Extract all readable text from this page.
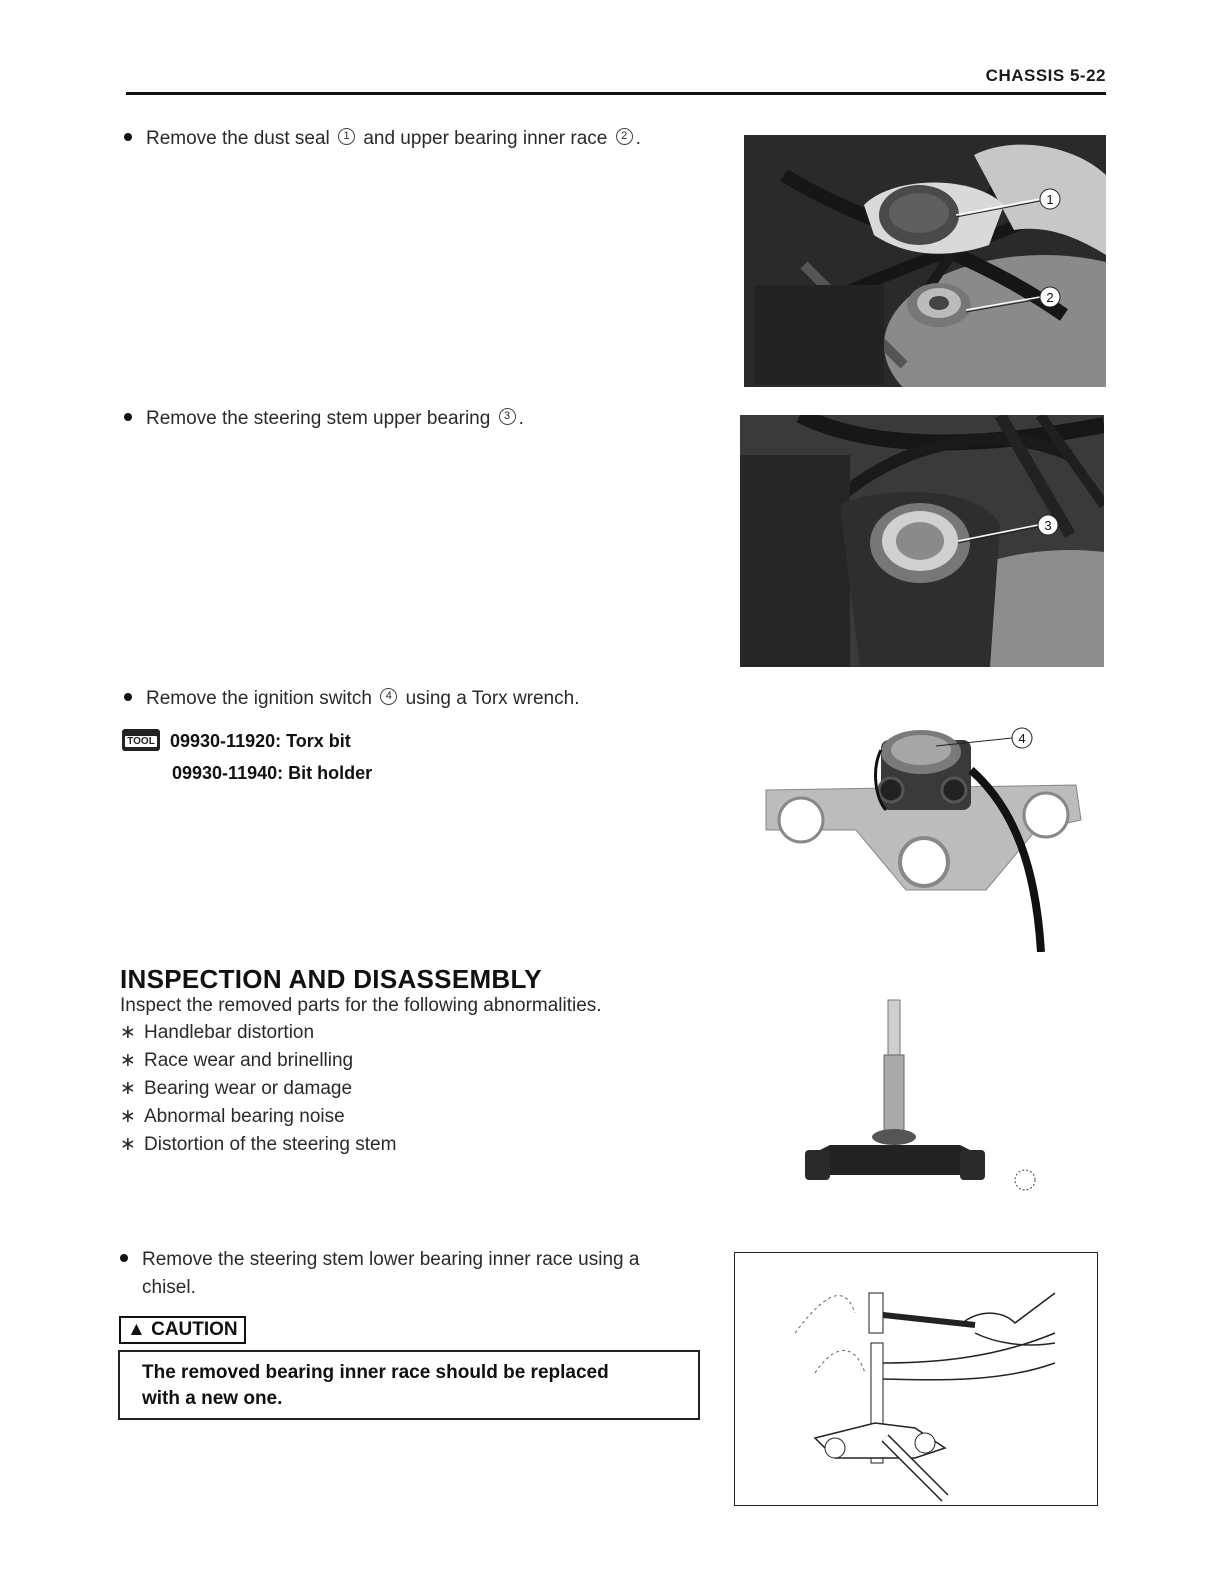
CHASSIS 5-22
Remove the dust seal 1 and upper bearing inner race 2 .
1
2
Remove the steering stem upper bearing 3 .
3
Remove the ignition switch 4 using a Torx wrench.
TOOL 09930-11920: Torx bit
09930-11940: Bit holder
4
INSPECTION AND DISASSEMBLY
Inspect the removed parts for the following abnormalities.
∗ Handlebar distortion
∗ Race wear and brinelling
∗ Bearing wear or damage
∗ Abnormal bearing noise
∗ Distortion of the steering stem
Remove the steering stem lower bearing inner race using a
chisel.
▲ CAUTION
The removed bearing inner race should be replaced
with a new one.
